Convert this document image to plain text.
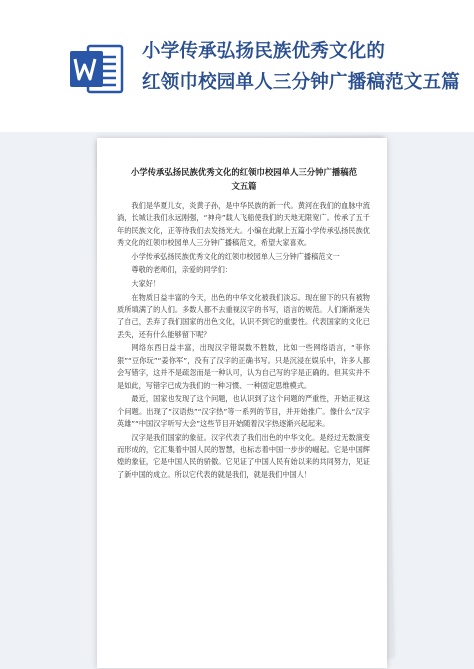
小学传承弘扬民族优秀文化的
红领巾校园单人三分钟广播稿范文五篇
小学传承弘扬民族优秀文化的红领巾校园单人三分钟广播稿范
文五篇

我们是华夏儿女，炎黄子孙，是中华民族的新一代。黄河在我们的血脉中流淌，长城让我们永远刚强，“神舟”载人飞船使我们的天地无限宽广。传承了五千年的民族文化，正等待我们去发扬光大。小编在此献上五篇小学传承弘扬民族优秀文化的红领巾校园单人三分钟广播稿范文，希望大家喜欢。

小学传承弘扬民族优秀文化的红领巾校园单人三分钟广播稿范文一

尊敬的老师们，亲爱的同学们：

大家好！

在物质日益丰富的今天，出色的中华文化被我们淡忘。现在留下的只有被物质所填满了的人们。多数人都不去重视汉字的书写，语言的规范。人们渐渐迷失了自己，丢弃了我们国家的出色文化，认识不到它的重要性。代表国家的文化已丢失，还有什么能够留下呢？

网络东西日益丰富，出现汉字错误数不胜数，比如一些网络语言，“菲你狠”“豆你玩”“姜你军”，没有了汉字的正确书写。只是沉浸在娱乐中，许多人都会写错字，这并不是疏忽而是一种认可，认为自己写的字是正确的。但其实并不是如此，写错字已成为我们的一种习惯、一种固定思维模式。

最近，国家也发现了这个问题，也认识到了这个问题的严重性，开始正视这个问题。出现了“汉语热”“汉字热”等一系列的节目，并开始推广。像什么“汉字英雄”“中国汉字听写大会”这些节目开始随着汉字热逐渐兴起起来。

汉字是我们国家的象征。汉字代表了我们出色的中华文化。是经过无数演变而形成的，它汇集着中国人民的智慧，也标志着中国一步步的崛起。它是中国辉煌的象征，它是中国人民的骄傲。它见证了中国人民有始以来的共同努力，见证了新中国的成立。所以它代表的就是我们，就是我们中国人！
